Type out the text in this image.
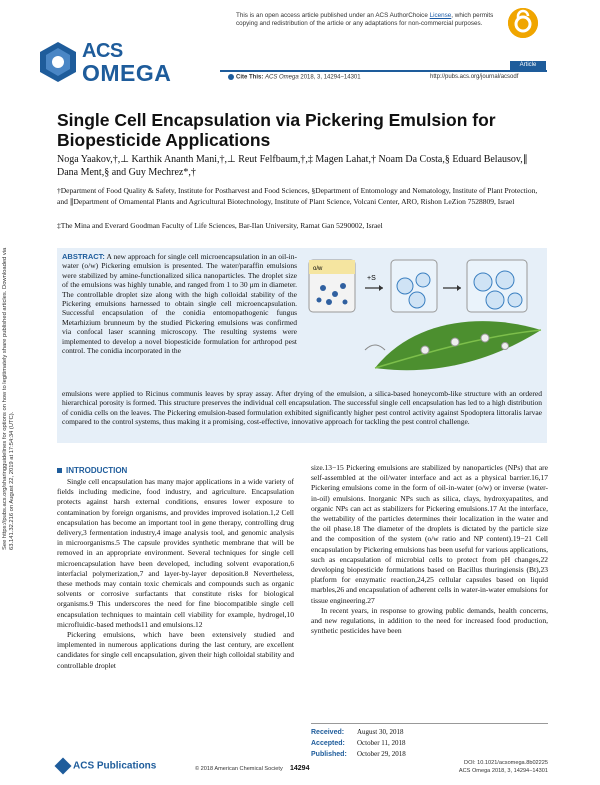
This is an open access article published under an ACS AuthorChoice License, which permits copying and redistribution of the article or any adaptations for non-commercial purposes.
ACS
OMEGA	Article
Cite This: ACS Omega 2018, 3, 14294−14301	http://pubs.acs.org/journal/acsodf
Single Cell Encapsulation via Pickering Emulsion for Biopesticide Applications
Noga Yaakov,†,⊥ Karthik Ananth Mani,†,⊥ Reut Felfbaum,†,‡ Magen Lahat,† Noam Da Costa,§ Eduard Belausov,∥ Dana Ment,§ and Guy Mechrez*,†
†Department of Food Quality & Safety, Institute for Postharvest and Food Sciences, §Department of Entomology and Nematology, Institute of Plant Protection, and ∥Department of Ornamental Plants and Agricultural Biotechnology, Institute of Plant Science, Volcani Center, ARO, Rishon LeZion 7528809, Israel
‡The Mina and Everard Goodman Faculty of Life Sciences, Bar-Ilan University, Ramat Gan 5290002, Israel
See https://pubs.acs.org/sharingguidelines for options on how to legitimately share published articles. Downloaded via 63.141.32.216 on August 22, 2019 at 17:54:34 (UTC).
ABSTRACT: A new approach for single cell microencapsulation in an oil-in-water (o/w) Pickering emulsion is presented. The water/paraffin emulsions were stabilized by amine-functionalized silica nanoparticles. The droplet size of the emulsions was highly tunable, and ranged from 1 to 30 μm in diameter. The controllable droplet size along with the high colloidal stability of the Pickering emulsions harnessed to obtain single cell microencapsulation. Successful encapsulation of the conidia entomopathogenic fungus Metarhizium brunneum by the studied Pickering emulsions was confirmed via confocal laser scanning microscopy. The resulting systems were implemented to develop a novel biopesticide formulation for arthropod pest control. The conidia incorporated in the
emulsions were applied to Ricinus communis leaves by spray assay. After drying of the emulsion, a silica-based honeycomb-like structure with an ordered hierarchical porosity is formed. This structure preserves the individual cell encapsulation. The successful single cell encapsulation has led to a high distribution of conidia cells on the leaves. The Pickering emulsion-based formulation exhibited significantly higher pest control activity against Spodoptera littoralis larvae compared to the control systems, thus making it a promising, cost-effective, innovative approach for tackling the pest control challenge.
o/w
+S
INTRODUCTION

Single cell encapsulation has many major applications in a wide variety of fields including medicine, food industry, and agriculture. Encapsulation protects against harsh external conditions, ensures lower exposure to contamination by foreign organisms, and provides improved isolation.1,2 Cell encapsulation has become an important tool in gene therapy, controlling drug delivery,3 fermentation industry,4 image analysis tool, and genomic analysis in microorganisms.5 The capsule provides synthetic membrane that will be removed in an appropriate environment. Several techniques for single cell microencapsulation have been developed, including solvent evaporation,6 interfacial polymerization,7 and layer-by-layer deposition.8 Nevertheless, these methods may contain toxic chemicals and compounds such as organic solvents or corrosive surfactants that constitute risks for biological organisms.9 This underscores the need for fine biocompatible single cell encapsulation techniques to maintain cell viability for example, hydrogel,10 microfluidic-based methods11 and emulsions.12

Pickering emulsions, which have been extensively studied and implemented in numerous applications during the last century, are excellent candidates for single cell encapsulation, given their high colloidal stability and controllable droplet

size.13−15 Pickering emulsions are stabilized by nanoparticles (NPs) that are self-assembled at the oil/water interface and act as a physical barrier.16,17 Pickering emulsions come in the form of oil-in-water (o/w) or inverse (water-in-oil) emulsions. Inorganic NPs such as silica, clays, hydroxyapatites, and organic NPs can act as stabilizers for Pickering emulsions.17 At the interface, the wettability of the particles determines their localization in the water and the oil phase.18 The diameter of the droplets is dictated by the particle size and the composition of the system (o/w ratio and NP content).19−21 Cell encapsulation by Pickering emulsions has been useful for various applications, such as encapsulation of microbial cells to protect from pH changes,22 developing biopesticide formulations based on Bacillus thuringiensis (Bt),23 platform for enzymatic reaction,24,25 cellular capsules based on liquid marbles,26 and encapsulation of adherent cells in water-in-water emulsions for tissue engineering.27

In recent years, in response to growing public demands, health concerns, and new regulations, in addition to the need for increased food production, synthetic pesticides have been

Received: August 30, 2018
Accepted: October 11, 2018
Published: October 29, 2018
ACS Publications	© 2018 American Chemical Society 14294
DOI: 10.1021/acsomega.8b02225
ACS Omega 2018, 3, 14294−14301
